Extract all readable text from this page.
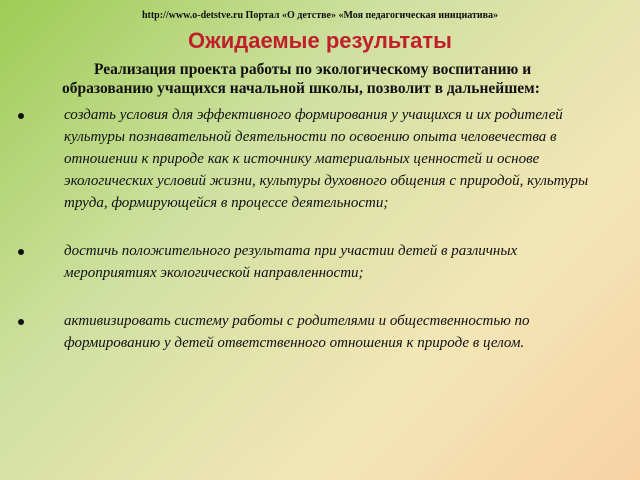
http://www.o-detstve.ru Портал «О детстве» «Моя педагогическая инициатива»
Ожидаемые результаты

Реализация проекта работы по экологическому воспитанию и образованию учащихся начальной школы, позволит в дальнейшем:

создать условия для эффективного формирования у учащихся и их родителей культуры познавательной деятельности по освоению опыта человечества в отношении к природе как к источнику материальных ценностей и основе экологических условий жизни, культуры духовного общения с природой, культуры труда, формирующейся в процессе деятельности;
достичь положительного результата при участии детей в различных мероприятиях экологической направленности;
активизировать систему работы с родителями и общественностью по формированию у детей ответственного отношения к природе в целом.
